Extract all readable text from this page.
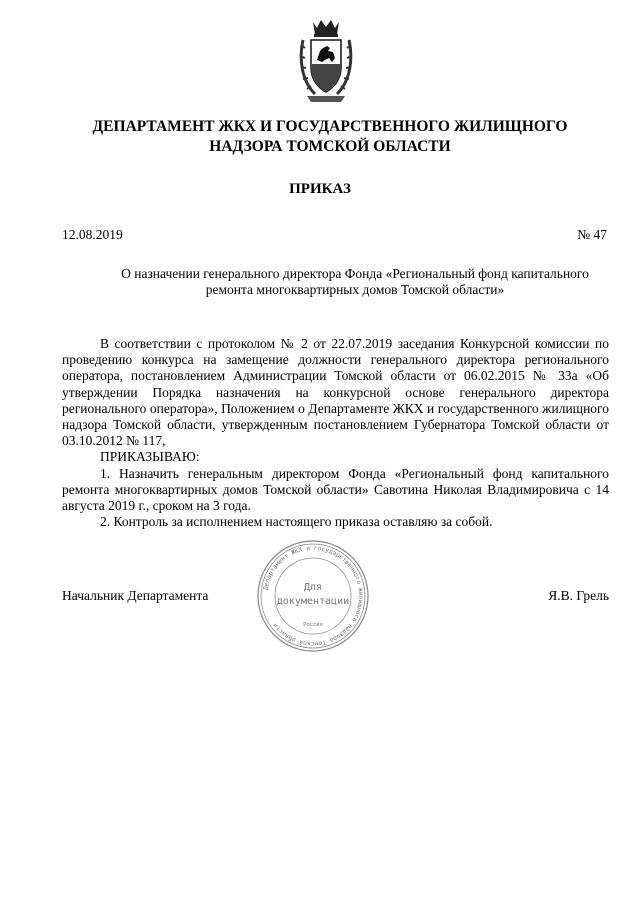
ДЕПАРТАМЕНТ ЖКХ И ГОСУДАРСТВЕННОГО ЖИЛИЩНОГО
НАДЗОРА ТОМСКОЙ ОБЛАСТИ
ПРИКАЗ
12.08.2019	№ 47
О назначении генерального директора Фонда «Региональный фонд капитального
ремонта многоквартирных домов Томской области»

В соответствии с протоколом № 2 от 22.07.2019 заседания Конкурсной комиссии по проведению конкурса на замещение должности генерального директора регионального оператора, постановлением Администрации Томской области от 06.02.2015 № 33а «Об утверждении Порядка назначения на конкурсной основе генерального директора регионального оператора», Положением о Департаменте ЖКХ и государственного жилищного надзора Томской области, утвержденным постановлением Губернатора Томской области от 03.10.2012 № 117,

ПРИКАЗЫВАЮ:

1. Назначить генеральным директором Фонда «Региональный фонд капитального ремонта многоквартирных домов Томской области» Савотина Николая Владимировича с 14 августа 2019 г., сроком на 3 года.

2. Контроль за исполнением настоящего приказа оставляю за собой.

Начальник Департамента	Я.В. Грель
Департамент ЖКХ и государственного жилищного надзора Томской области
Для
документации
Россия
